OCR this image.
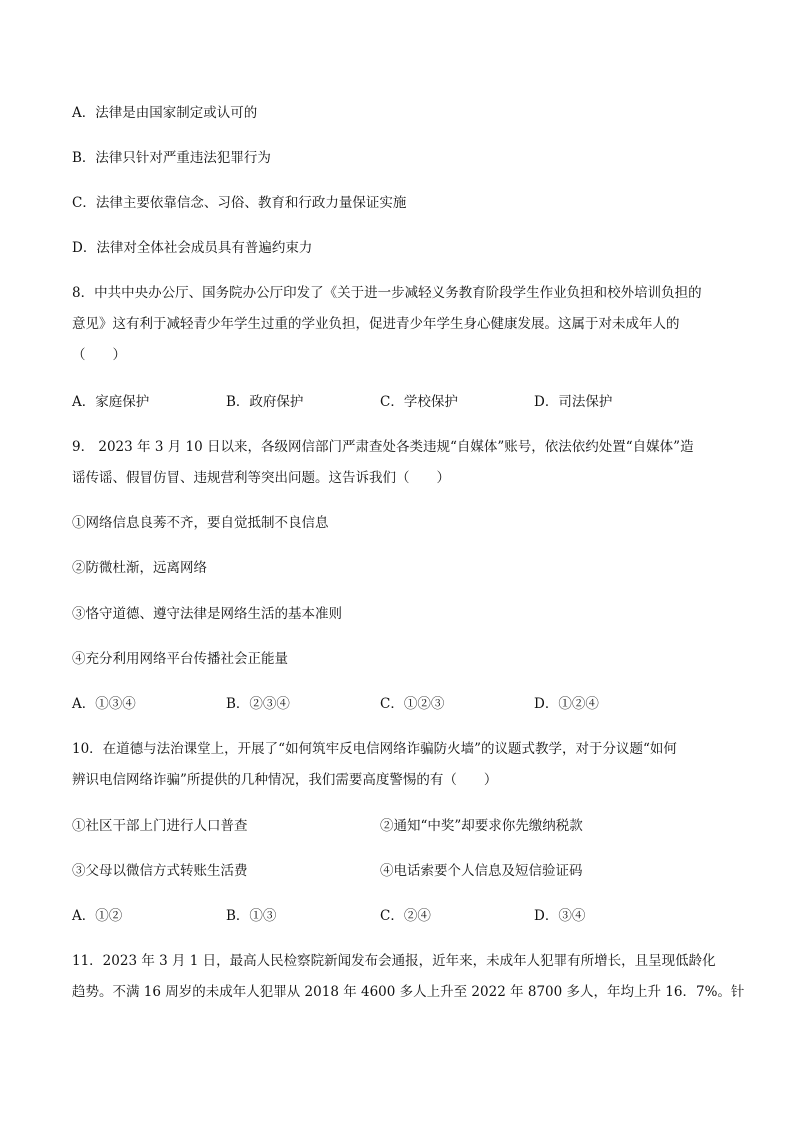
A．法律是由国家制定或认可的
B．法律只针对严重违法犯罪行为
C．法律主要依靠信念、习俗、教育和行政力量保证实施
D．法律对全体社会成员具有普遍约束力
8．中共中央办公厅、国务院办公厅印发了《关于进一步减轻义务教育阶段学生作业负担和校外培训负担的
意见》这有利于减轻青少年学生过重的学业负担，促进青少年学生身心健康发展。这属于对未成年人的
（　　）
A．家庭保护	B．政府保护	C．学校保护	D．司法保护
9． 2023 年 3 月 10 日以来，各级网信部门严肃查处各类违规“自媒体”账号，依法依约处置“自媒体”造
谣传谣、假冒仿冒、违规营利等突出问题。这告诉我们（　　）
①网络信息良莠不齐，要自觉抵制不良信息
②防微杜渐，远离网络
③恪守道德、遵守法律是网络生活的基本准则
④充分利用网络平台传播社会正能量
A．①③④	B．②③④	C．①②③	D．①②④
10．在道德与法治课堂上，开展了“如何筑牢反电信网络诈骗防火墙”的议题式教学，对于分议题“如何
辨识电信网络诈骗”所提供的几种情况，我们需要高度警惕的有（　　）
①社区干部上门进行人口普查	②通知“中奖”却要求你先缴纳税款
③父母以微信方式转账生活费	④电话索要个人信息及短信验证码
A．①②	B．①③	C．②④	D．③④
11．2023 年 3 月 1 日，最高人民检察院新闻发布会通报，近年来，未成年人犯罪有所增长，且呈现低龄化
趋势。不满 16 周岁的未成年人犯罪从 2018 年 4600 多人上升至 2022 年 8700 多人，年均上升 16．7%。针
